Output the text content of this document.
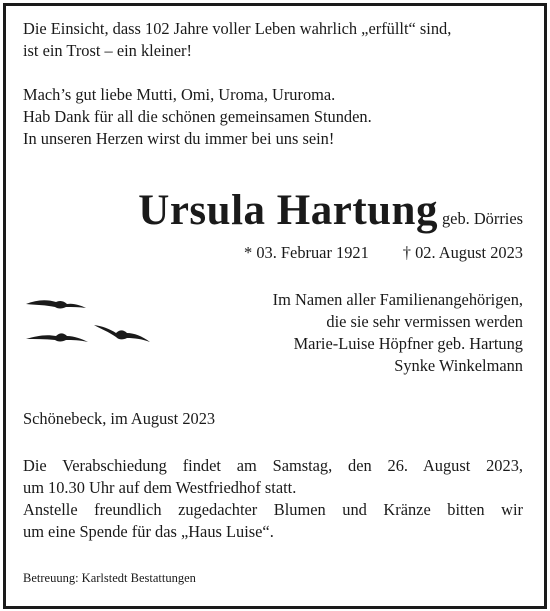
Die Einsicht, dass 102 Jahre voller Leben wahrlich „erfüllt“ sind,

ist ein Trost – ein kleiner!

Mach’s gut liebe Mutti, Omi, Uroma, Ururoma.

Hab Dank für all die schönen gemeinsamen Stunden.

In unseren Herzen wirst du immer bei uns sein!

Ursula Hartung geb. Dörries
* 03. Februar 1921 † 02. August 2023
Im Namen aller Familienangehörigen,
die sie sehr vermissen werden
Marie-Luise Höpfner geb. Hartung
Synke Winkelmann
Schönebeck, im August 2023
Die Verabschiedung findet am Samstag, den 26. August 2023,
um 10.30 Uhr auf dem Westfriedhof statt.
Anstelle freundlich zugedachter Blumen und Kränze bitten wir
um eine Spende für das „Haus Luise“.
Betreuung: Karlstedt Bestattungen
